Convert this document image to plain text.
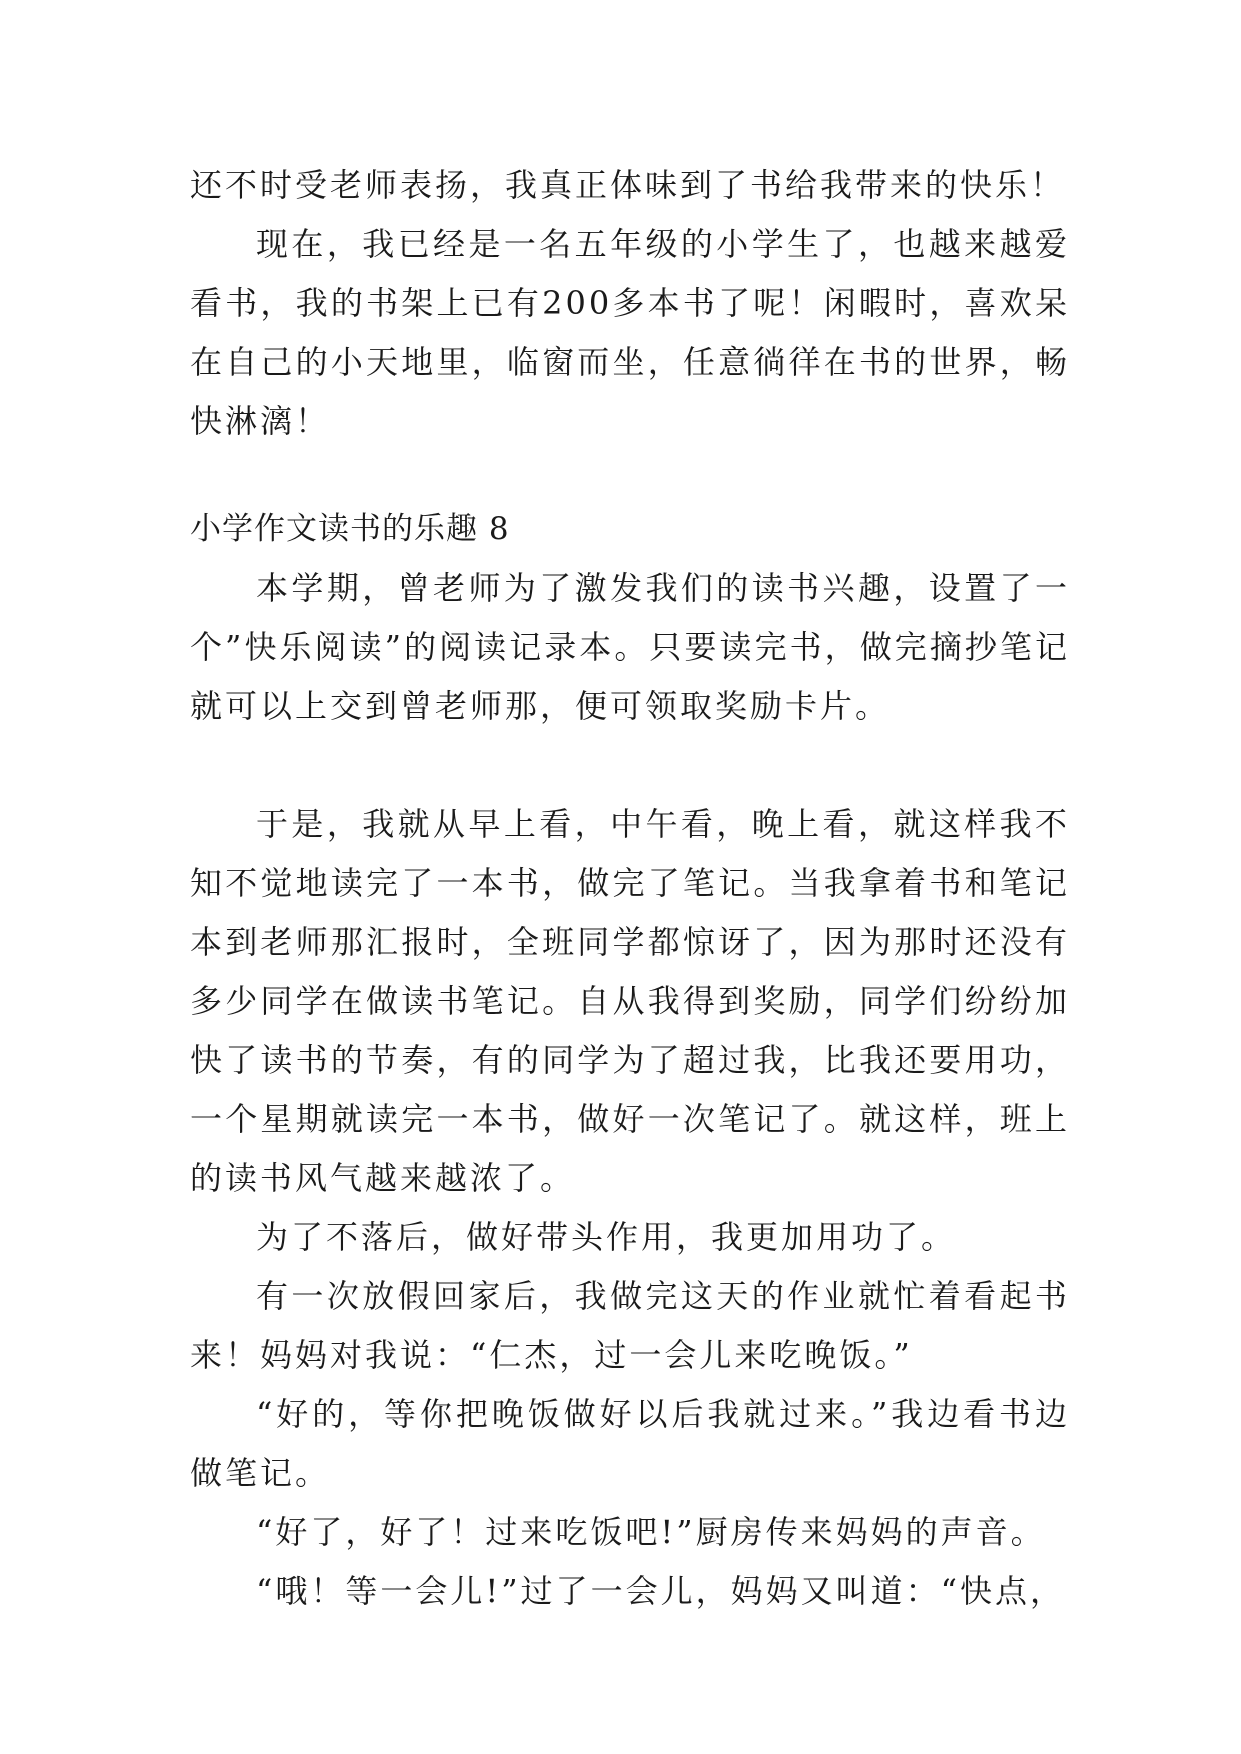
还不时受老师表扬，我真正体味到了书给我带来的快乐！

现在，我已经是一名五年级的小学生了，也越来越爱看书，我的书架上已有200多本书了呢！闲暇时，喜欢呆在自己的小天地里，临窗而坐，任意徜徉在书的世界，畅快淋漓！

小学作文读书的乐趣 8

本学期，曾老师为了激发我们的读书兴趣，设置了一个”快乐阅读”的阅读记录本。只要读完书，做完摘抄笔记就可以上交到曾老师那，便可领取奖励卡片。

于是，我就从早上看，中午看，晚上看，就这样我不知不觉地读完了一本书，做完了笔记。当我拿着书和笔记本到老师那汇报时，全班同学都惊讶了，因为那时还没有多少同学在做读书笔记。自从我得到奖励，同学们纷纷加快了读书的节奏，有的同学为了超过我，比我还要用功，一个星期就读完一本书，做好一次笔记了。就这样，班上的读书风气越来越浓了。

为了不落后，做好带头作用，我更加用功了。

有一次放假回家后，我做完这天的作业就忙着看起书来！妈妈对我说：“仁杰，过一会儿来吃晚饭。”

“好的，等你把晚饭做好以后我就过来。”我边看书边做笔记。

“好了，好了！过来吃饭吧!”厨房传来妈妈的声音。

“哦！等一会儿!”过了一会儿，妈妈又叫道：“快点，
